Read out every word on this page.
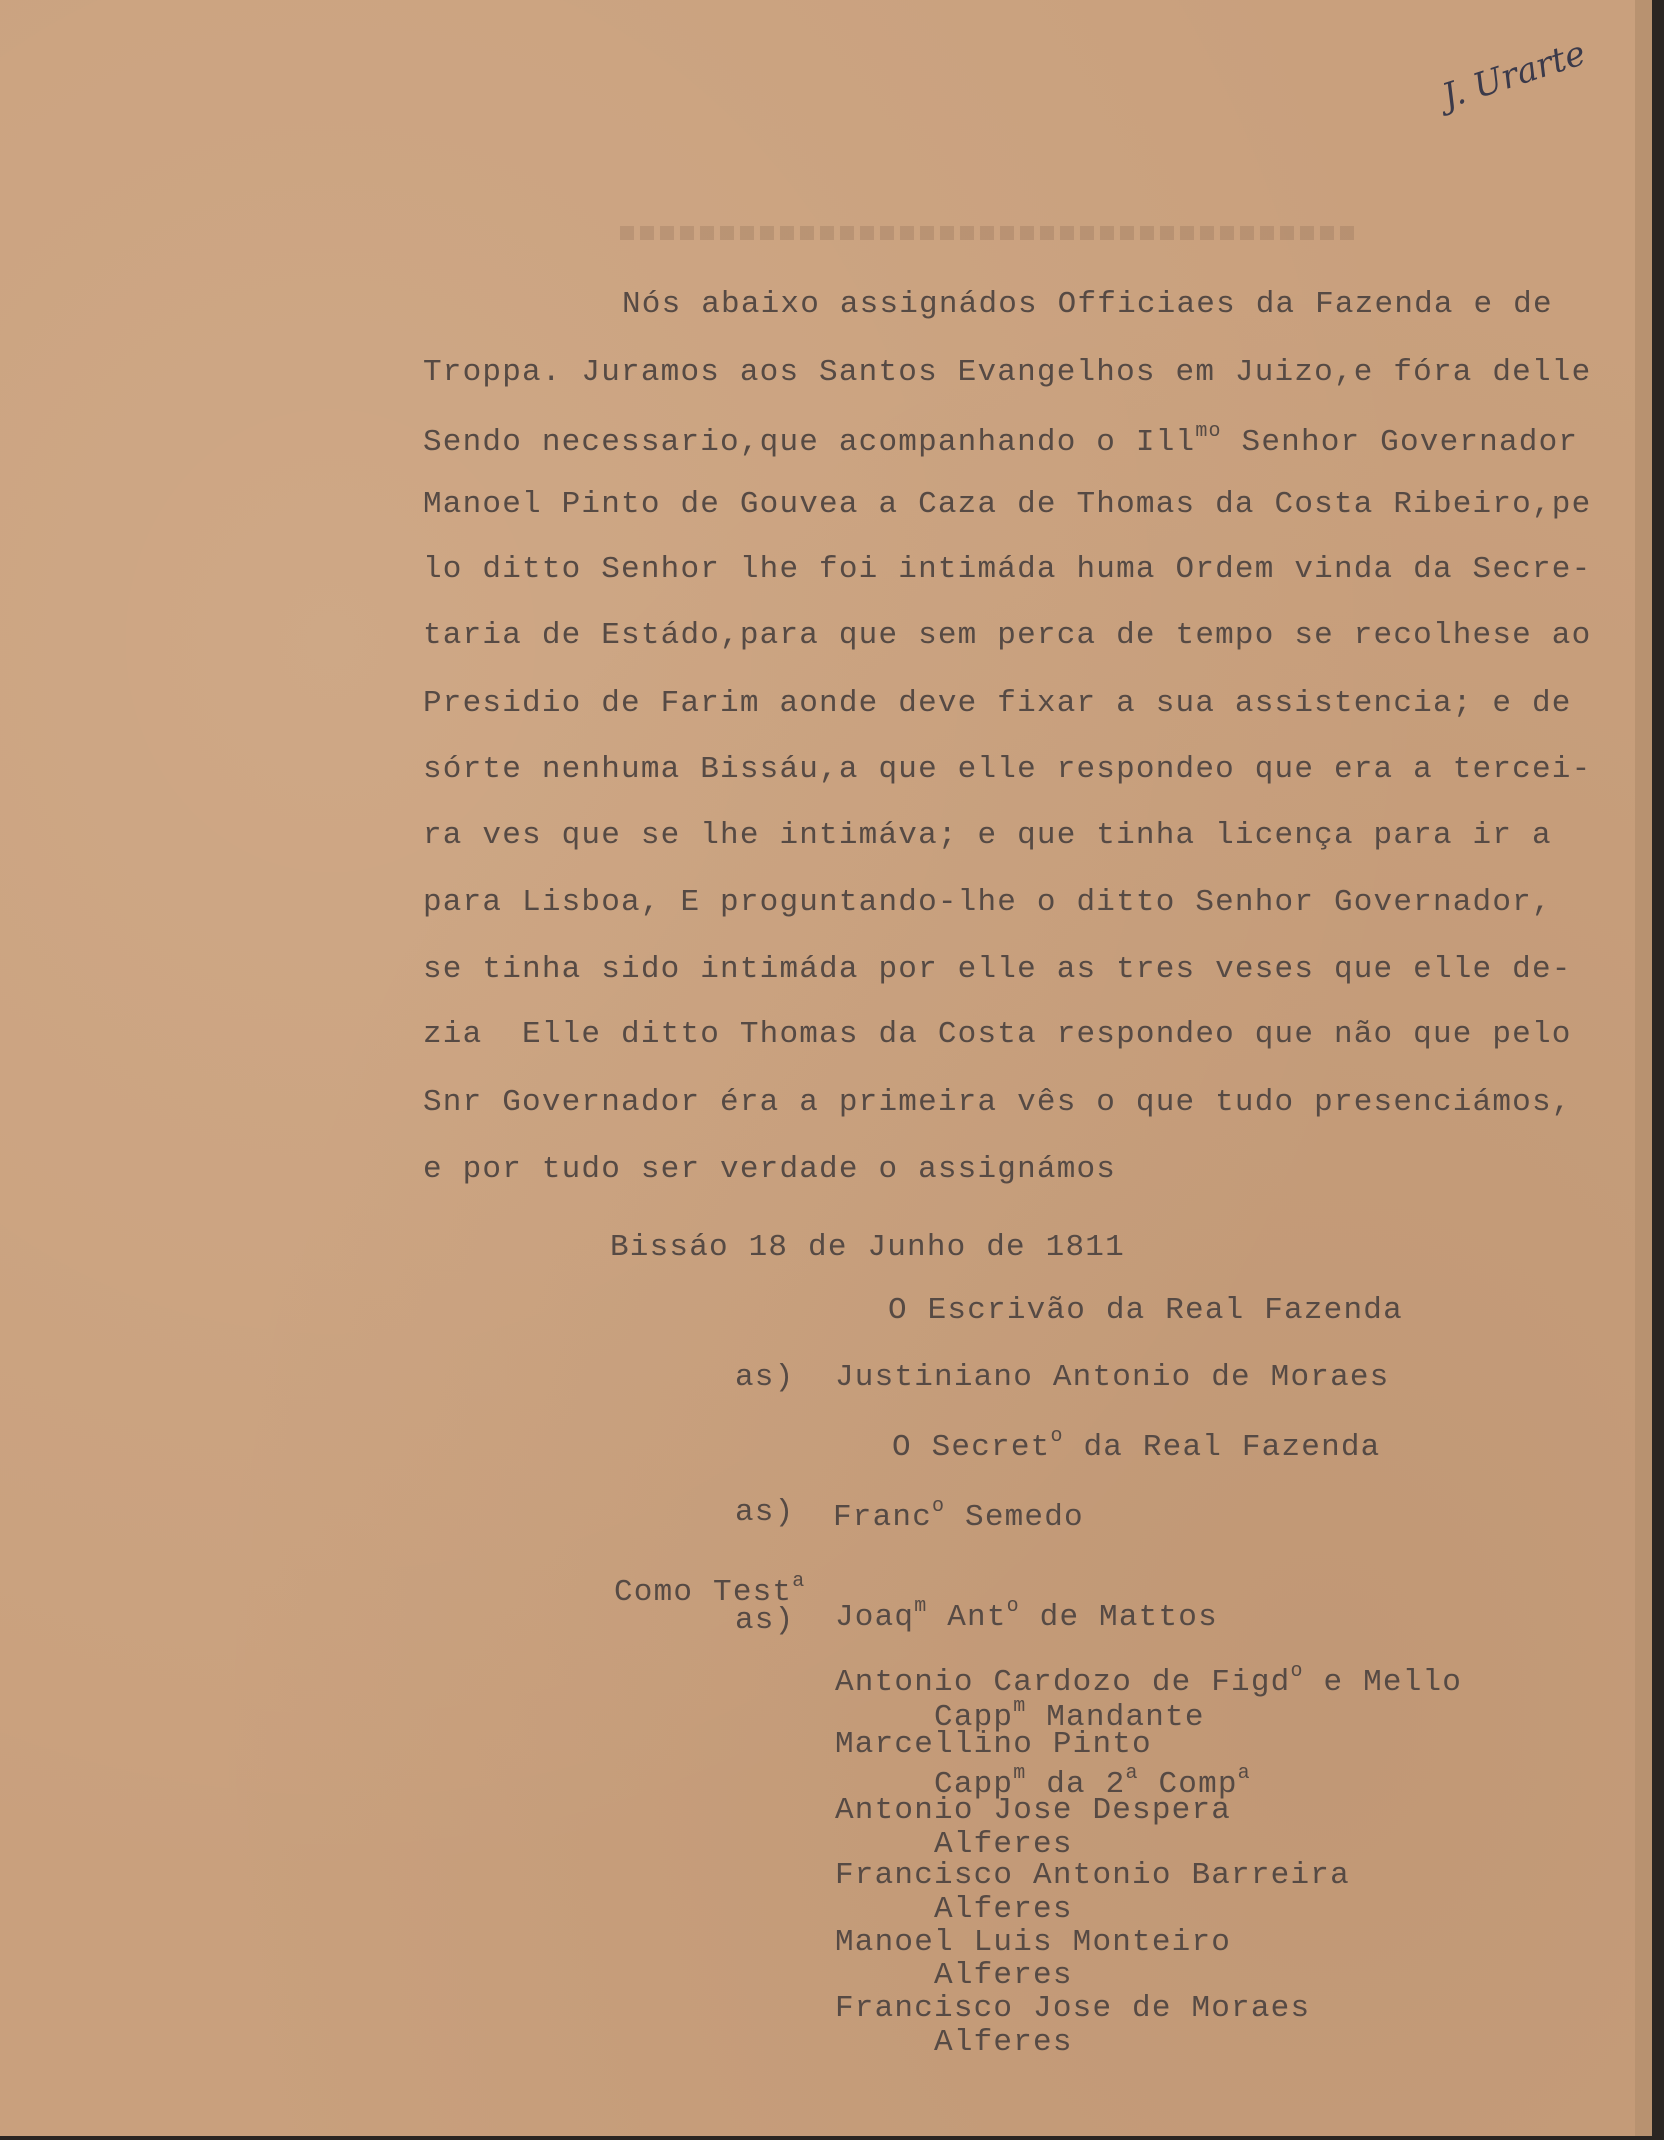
J. Urarte
Nós abaixo assignádos Officiaes da Fazenda e de
Troppa. Juramos aos Santos Evangelhos em Juizo,e fóra delle
Sendo necessario,que acompanhando o Ill$^{mo}$ Senhor Governador
Manoel Pinto de Gouvea a Caza de Thomas da Costa Ribeiro,pe
lo ditto Senhor lhe foi intimáda huma Ordem vinda da Secre-
taria de Estádo,para que sem perca de tempo se recolhese ao
Presidio de Farim aonde deve fixar a sua assistencia; e de
sórte nenhuma Bissáu,a que elle respondeo que era a tercei-
ra ves que se lhe intimáva; e que tinha licença para ir a
para Lisboa, E proguntando-lhe o ditto Senhor Governador,
se tinha sido intimáda por elle as tres veses que elle de-
zia  Elle ditto Thomas da Costa respondeo que não que pelo
Snr Governador éra a primeira vês o que tudo presenciámos,
e por tudo ser verdade o assignámos
Bissáo 18 de Junho de 1811
O Escrivão da Real Fazenda
as) Justiniano Antonio de Moraes
O Secret$^o$ da Real Fazenda
as) Franc$^o$ Semedo
Como Test$^a$
as) Joaq$^m$ Ant$^o$ de Mattos
Antonio Cardozo de Figd$^o$ e Mello
Capp$^m$ Mandante
Marcellino Pinto
Capp$^m$ da 2$^a$ Comp$^a$
Antonio Jose Despera
Alferes
Francisco Antonio Barreira
Alferes
Manoel Luis Monteiro
Alferes
Francisco Jose de Moraes
Alferes
